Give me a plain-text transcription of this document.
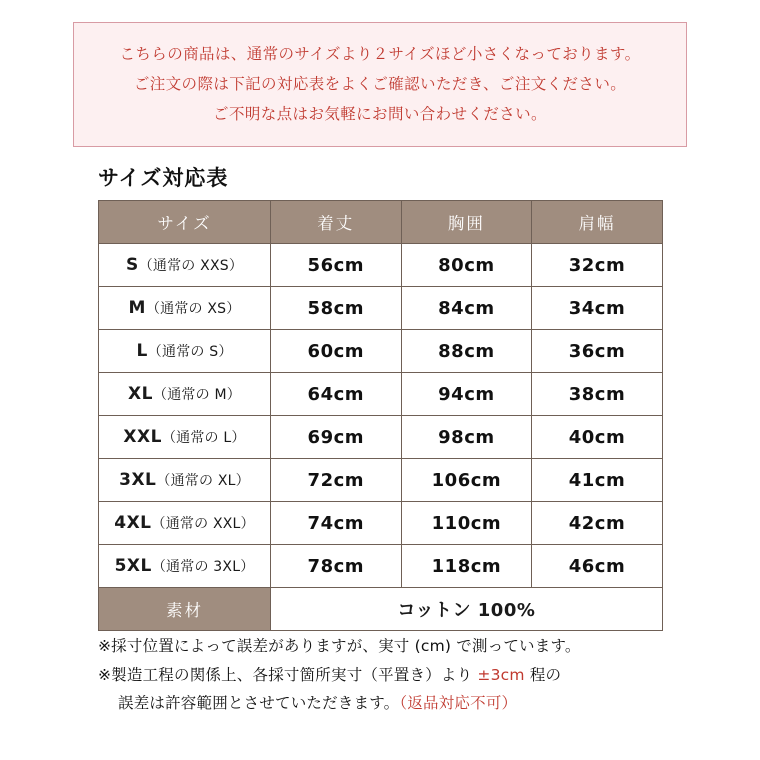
こちらの商品は、通常のサイズより２サイズほど小さくなっております。
ご注文の際は下記の対応表をよくご確認いただき、ご注文ください。
ご不明な点はお気軽にお問い合わせください。
サイズ対応表
サイズ	着丈	胸囲	肩幅
S（通常の XXS）	56cm	80cm	32cm
M（通常の XS）	58cm	84cm	34cm
L（通常の S）	60cm	88cm	36cm
XL（通常の M）	64cm	94cm	38cm
XXL（通常の L）	69cm	98cm	40cm
3XL（通常の XL）	72cm	106cm	41cm
4XL（通常の XXL）	74cm	110cm	42cm
5XL（通常の 3XL）	78cm	118cm	46cm
素材	コットン 100%		
※採寸位置によって誤差がありますが、実寸 (cm) で測っています。
※製造工程の関係上、各採寸箇所実寸（平置き）より ±3cm 程の
誤差は許容範囲とさせていただきます。（返品対応不可）
